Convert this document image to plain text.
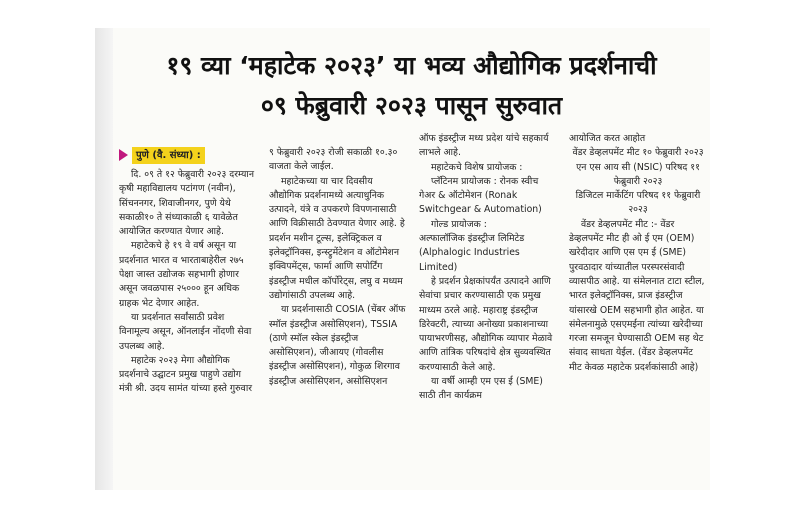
१९ व्या ‘महाटेक २०२३’ या भव्य औद्योगिक प्रदर्शनाची
०९ फेब्रुवारी २०२३ पासून सुरुवात
पुणे (वै. संध्या) :

दि. ०९ ते १२ फेब्रुवारी २०२३ दरम्यान कृषी महाविद्यालय पटांगण (नवीन), सिंचननगर, शिवाजीनगर, पुणे येथे सकाळी१० ते संध्याकाळी ६ यावेळेत आयोजित करण्यात येणार आहे.

महाटेकचे हे १९ वे वर्ष असून या प्रदर्शनात भारत व भारताबाहेरील २७५ पेक्षा जास्त उद्योजक सहभागी होणार असून जवळपास २५००० हून अधिक ग्राहक भेट देणार आहेत.

या प्रदर्शनात सर्वांसाठी प्रवेश विनामूल्य असून, ऑनलाईन नोंदणी सेवा उपलब्ध आहे.

महाटेक २०२३ मेगा औद्योगिक प्रदर्शनाचे उद्घाटन प्रमुख पाहुणे उद्योग मंत्री श्री. उदय सामंत यांच्या हस्ते गुरुवार

९ फेब्रुवारी २०२३ रोजी सकाळी १०.३० वाजता केले जाईल.

महाटेकच्या या चार दिवसीय औद्योगिक प्रदर्शनामध्ये अत्याधुनिक उत्पादने, यंत्रे व उपकरणे विपणनासाठी आणि विक्रीसाठी ठेवण्यात येणार आहे. हे प्रदर्शन मशीन टूल्स, इलेक्ट्रिकल व इलेक्ट्रॉनिक्स, इन्स्ट्रुमेंटेशन व ऑटोमेशन इक्विपमेंट्स, फार्मा आणि सपोर्टिंग इंडस्ट्रीज मधील कॉर्पोरेट्स, लघु व मध्यम उद्योगांसाठी उपलब्ध आहे.

या प्रदर्शनासाठी COSIA (चेंबर ऑफ स्मॉल इंडस्ट्रीज असोसिएशन), TSSIA (ठाणे स्मॉल स्केल इंडस्ट्रीज असोसिएशन), जीआयए (गोवलीस इंडस्ट्रीज असोसिएशन), गोकुळ शिरगाव इंडस्ट्रीज असोसिएशन, असोसिएशन

ऑफ इंडस्ट्रीज मध्य प्रदेश यांचे सहकार्य लाभले आहे.

महाटेकचे विशेष प्रायोजक :

प्लॅटिनम प्रायोजक : रोनक स्वीच गेअर & ऑटोमेशन (Ronak Switchgear & Automation)

गोल्ड प्रायोजक :

अल्फालॉजिक इंडस्ट्रीज लिमिटेड (Alphalogic Industries Limited)

हे प्रदर्शन प्रेक्षकांपर्यंत उत्पादने आणि सेवांचा प्रचार करण्यासाठी एक प्रमुख माध्यम ठरले आहे. महाराष्ट्र इंडस्ट्रीज डिरेक्टरी, त्याच्या अनोख्या प्रकाशनाच्या पायाभरणीसह, औद्योगिक व्यापार मेळावे आणि तांत्रिक परिषदांचे क्षेत्र सुव्यवस्थित करण्यासाठी केले आहे.

या वर्षी आम्ही एम एस ई (SME) साठी तीन कार्यक्रम

आयोजित करत आहोत

वेंडर डेव्हलपमेंट मीट १० फेब्रुवारी २०२३

एन एस आय सी (NSIC) परिषद ११ फेब्रुवारी २०२३

डिजिटल मार्केटिंग परिषद ११ फेब्रुवारी २०२३

वेंडर डेव्हलपमेंट मीट :- वेंडर डेव्हलपमेंट मीट ही ओ ई एम (OEM) खरेदीदार आणि एस एम ई (SME) पुरवठादार यांच्यातील परस्परसंवादी व्यासपीठ आहे. या संमेलनात टाटा स्टील, भारत इलेक्ट्रॉनिक्स, प्राज इंडस्ट्रीज यांसारखे OEM सहभागी होत आहेत. या संमेलनामुळे एसएमईना त्यांच्या खरेदीच्या गरजा समजून घेण्यासाठी OEM सह थेट संवाद साधता येईल. (वेंडर डेव्हलपमेंट मीट केवळ महाटेक प्रदर्शकांसाठी आहे)
